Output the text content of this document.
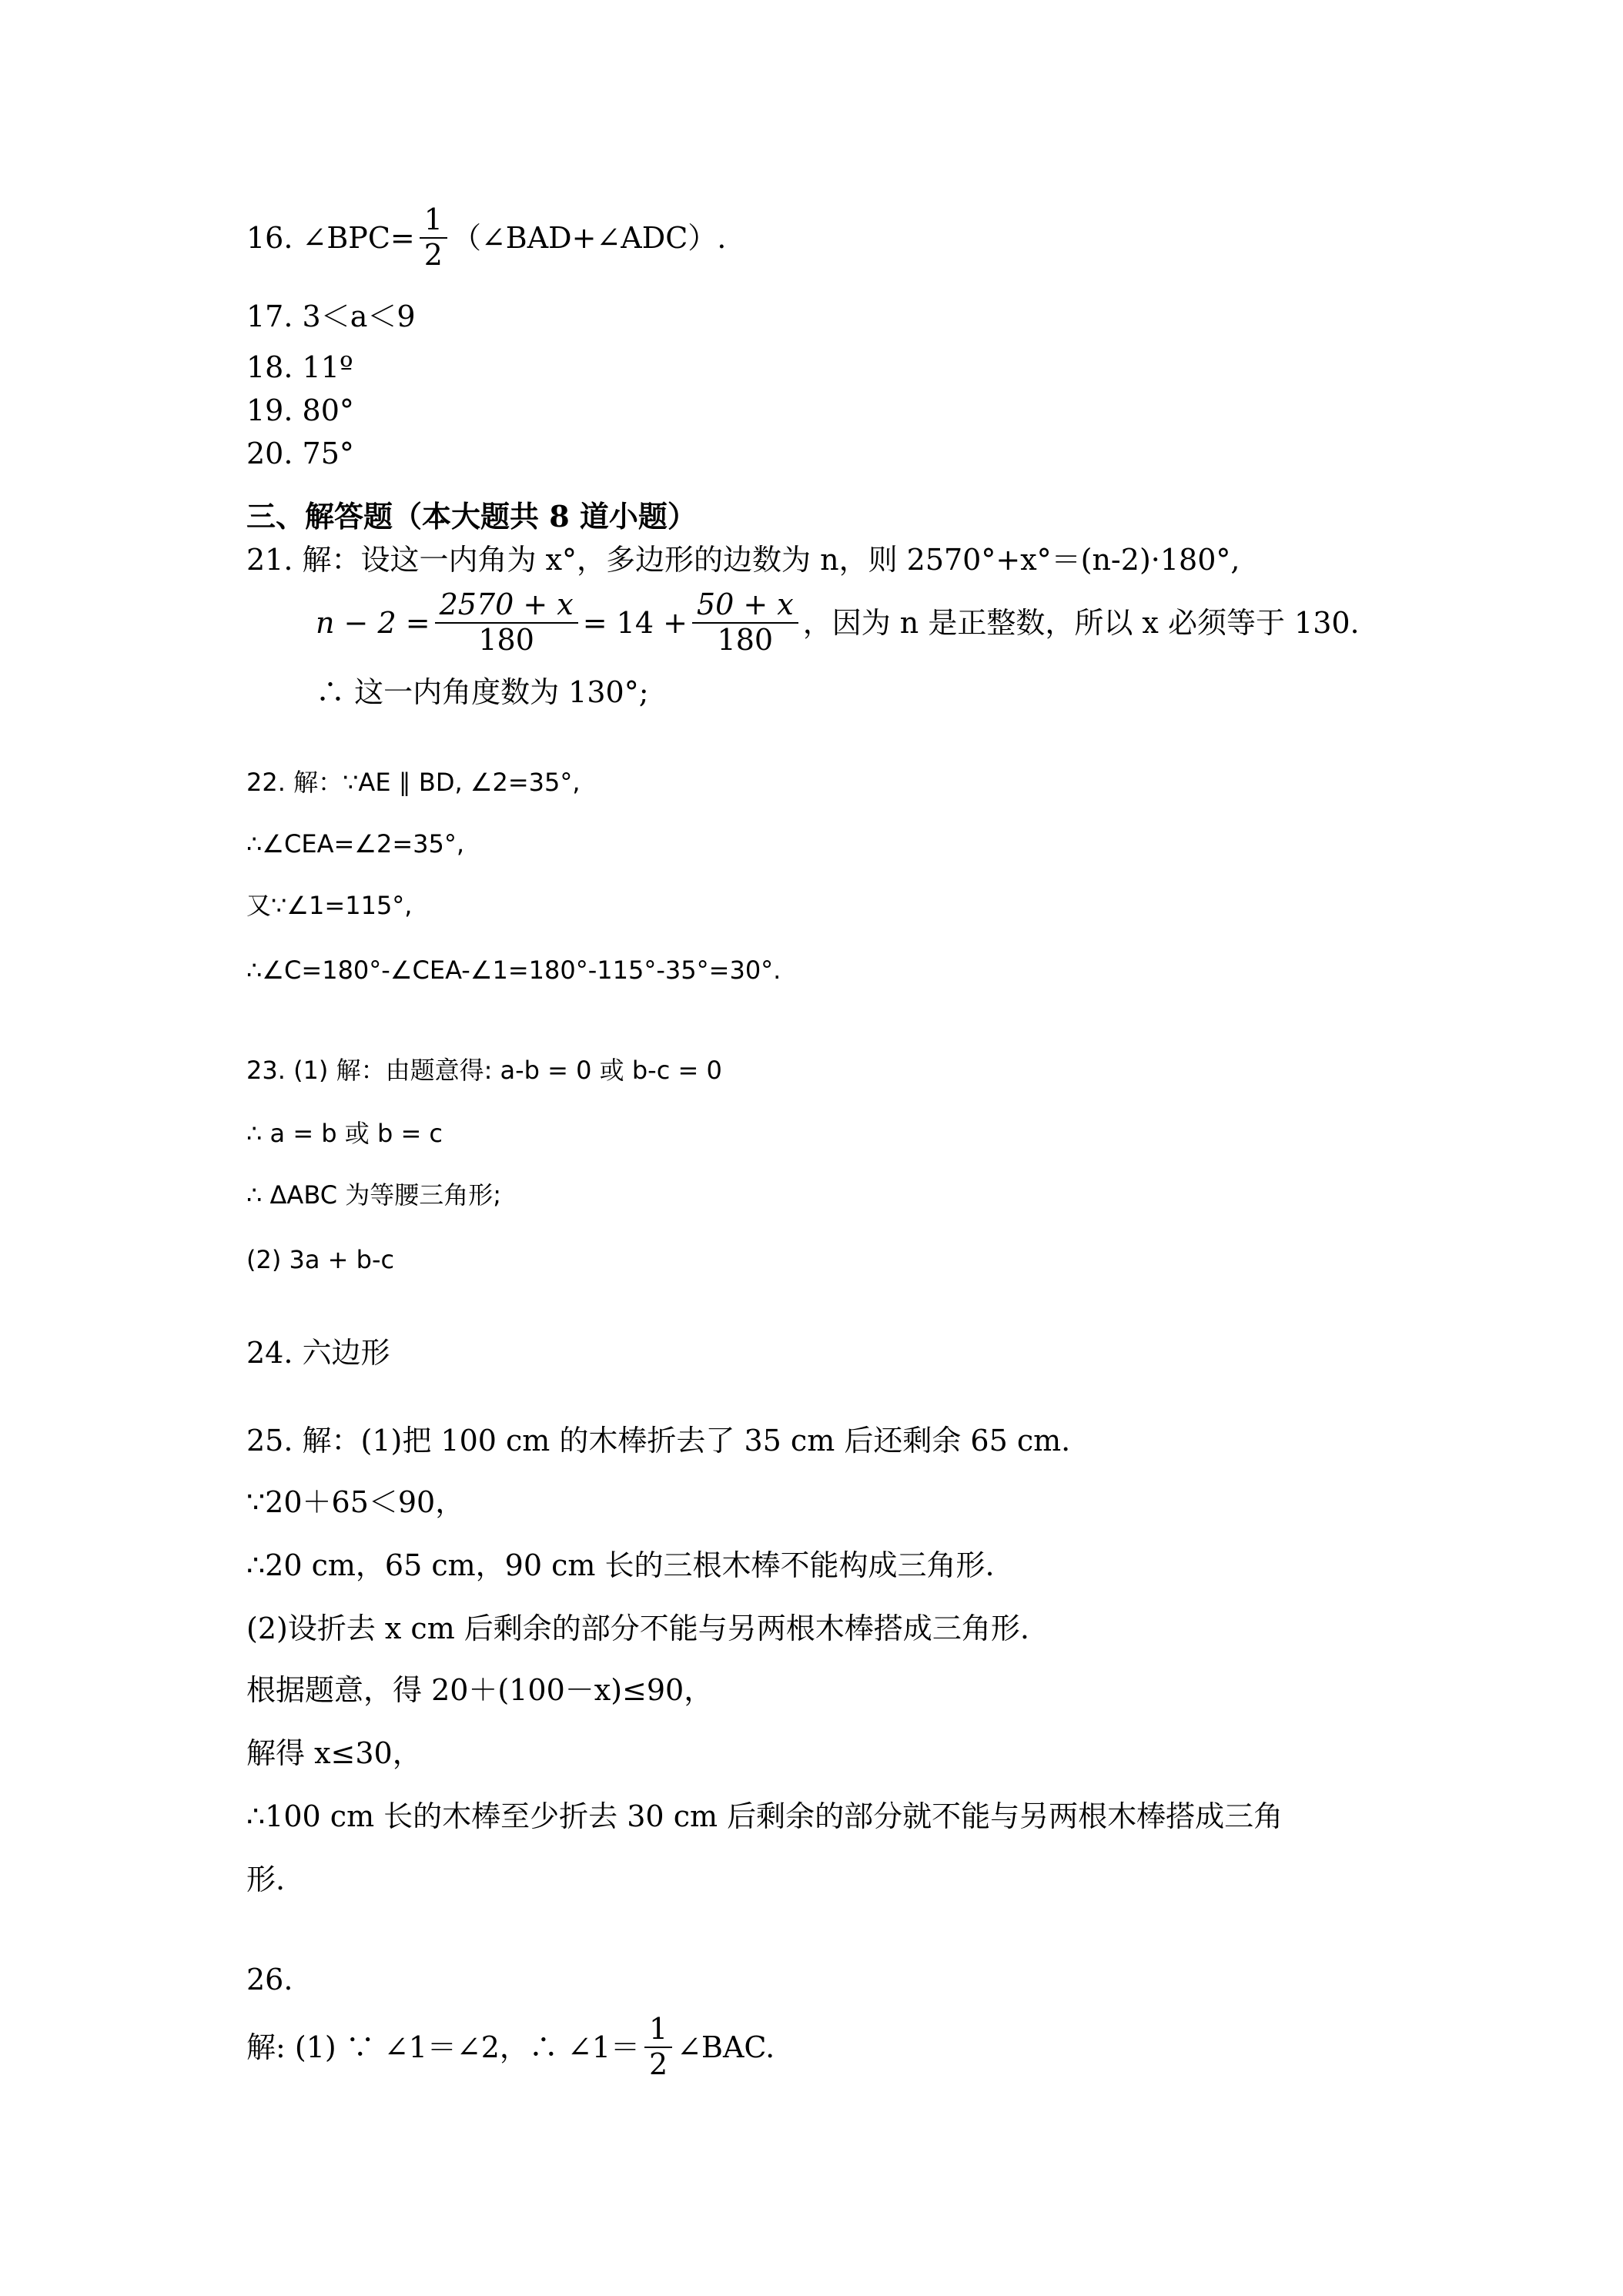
16. ∠BPC= $\frac{1}{2}$ （∠BAD+∠ADC）.
17. 3＜a＜9
18. 11º
19. 80°
20. 75°
三、解答题（本大题共 8 道小题）
21. 解：设这一内角为 x°，多边形的边数为 n，则 2570°+x°＝(n-2)·180°,
$n - 2 = \frac{2570 + x}{180} = 14 + \frac{50 + x}{180}$ ，因为 n 是正整数，所以 x 必须等于 130.
∴ 这一内角度数为 130°;
22. 解：∵AE ∥ BD, ∠2=35°,
∴∠CEA=∠2=35°,
又∵∠1=115°,
∴∠C=180°-∠CEA-∠1=180°-115°-35°=30°.
23. (1) 解：由题意得: a-b = 0 或 b-c = 0
∴ a = b 或 b = c
∴ ΔABC 为等腰三角形;
(2) 3a + b-c
24. 六边形
25. 解：(1)把 100 cm 的木棒折去了 35 cm 后还剩余 65 cm.
∵20＋65＜90，
∴20 cm，65 cm，90 cm 长的三根木棒不能构成三角形.
(2)设折去 x cm 后剩余的部分不能与另两根木棒搭成三角形.
根据题意，得 20＋(100－x)≤90，
解得 x≤30，
∴100 cm 长的木棒至少折去 30 cm 后剩余的部分就不能与另两根木棒搭成三角
形.
26.
解: (1) ∵ ∠1＝∠2，∴ ∠1＝ $\frac{1}{2}$ ∠BAC.
